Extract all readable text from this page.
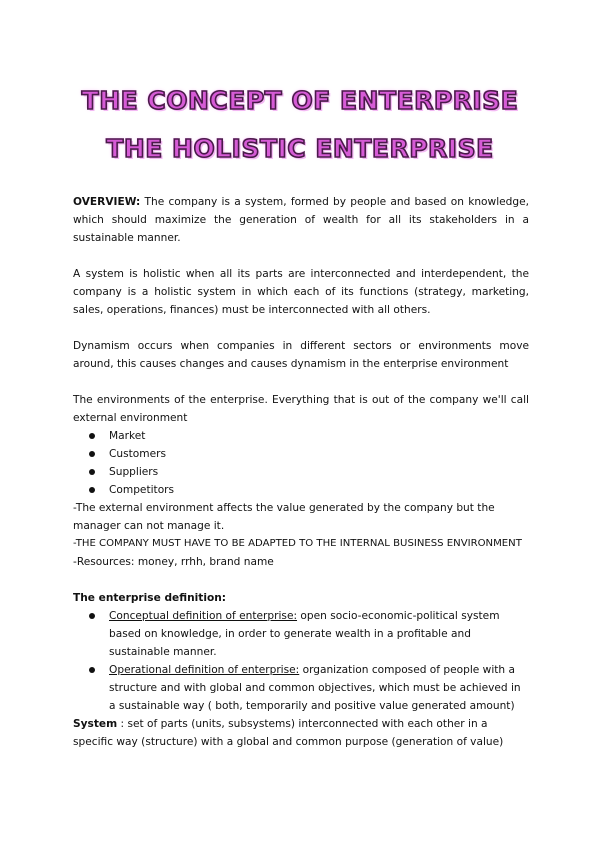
THE CONCEPT OF ENTERPRISE
THE HOLISTIC ENTERPRISE

OVERVIEW: The company is a system, formed by people and based on knowledge, which should maximize the generation of wealth for all its stakeholders in a sustainable manner.

A system is holistic when all its parts are interconnected and interdependent, the company is a holistic system in which each of its functions (strategy, marketing, sales, operations, finances) must be interconnected with all others.

Dynamism occurs when companies in different sectors or environments move around, this causes changes and causes dynamism in the enterprise environment

The environments of the enterprise. Everything that is out of the company we'll call external environment

Market
Customers
Suppliers
Competitors

-The external environment affects the value generated by the company but the manager can not manage it.

-THE COMPANY MUST HAVE TO BE ADAPTED TO THE INTERNAL BUSINESS ENVIRONMENT

-Resources: money, rrhh, brand name

The enterprise definition:

Conceptual definition of enterprise: open socio-economic-political system based on knowledge, in order to generate wealth in a profitable and sustainable manner.
Operational definition of enterprise: organization composed of people with a structure and with global and common objectives, which must be achieved in a sustainable way ( both, temporarily and positive value generated amount)

System : set of parts (units, subsystems) interconnected with each other in a specific way (structure) with a global and common purpose (generation of value)
